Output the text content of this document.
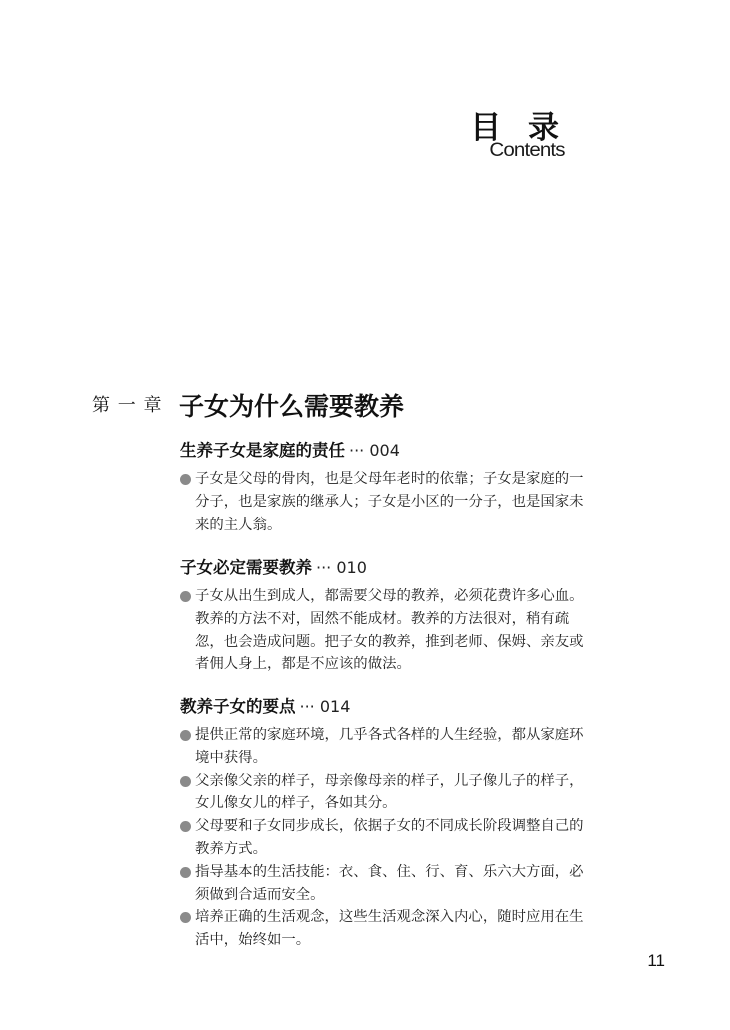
目 录
Contents
第 一 章 子女为什么需要教养
生养子女是家庭的责任 ··· 004
子女是父母的骨肉，也是父母年老时的依靠；子女是家庭的一分子，也是家族的继承人；子女是小区的一分子，也是国家未来的主人翁。
子女必定需要教养 ··· 010
子女从出生到成人，都需要父母的教养，必须花费许多心血。教养的方法不对，固然不能成材。教养的方法很对，稍有疏忽，也会造成问题。把子女的教养，推到老师、保姆、亲友或者佣人身上，都是不应该的做法。
教养子女的要点 ··· 014
提供正常的家庭环境，几乎各式各样的人生经验，都从家庭环境中获得。
父亲像父亲的样子，母亲像母亲的样子，儿子像儿子的样子，女儿像女儿的样子，各如其分。
父母要和子女同步成长，依据子女的不同成长阶段调整自己的教养方式。
指导基本的生活技能：衣、食、住、行、育、乐六大方面，必须做到合适而安全。
培养正确的生活观念，这些生活观念深入内心，随时应用在生活中，始终如一。
11
